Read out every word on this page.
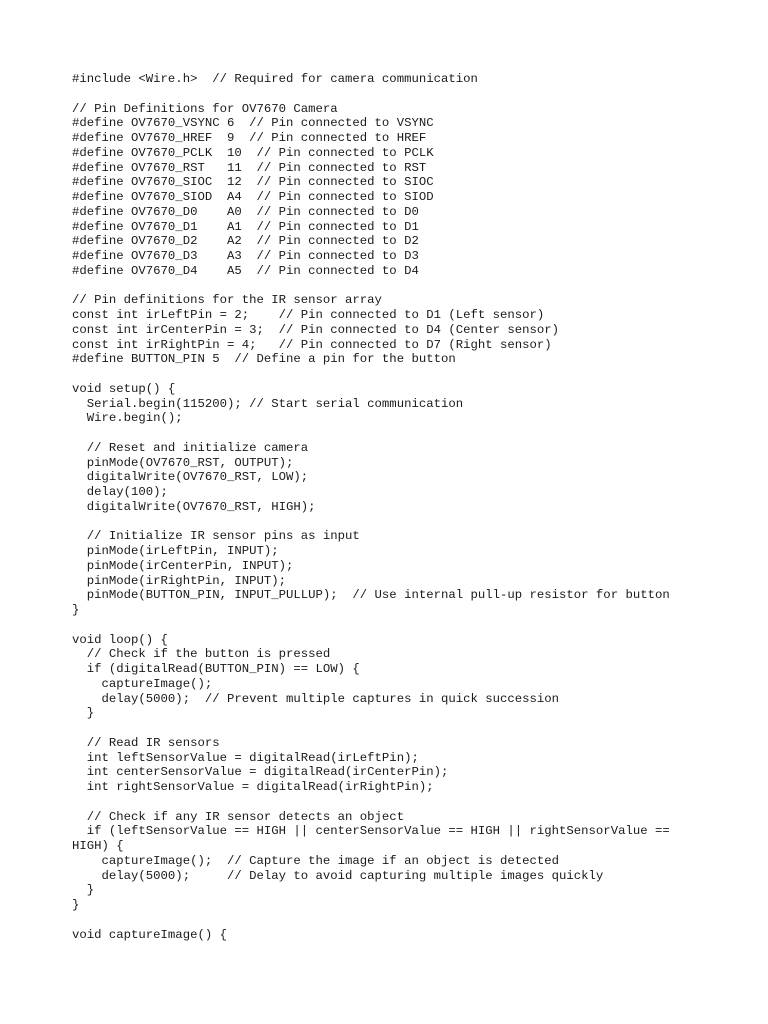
#include <Wire.h>  // Required for camera communication
// Pin Definitions for OV7670 Camera
#define OV7670_VSYNC 6  // Pin connected to VSYNC
#define OV7670_HREF  9  // Pin connected to HREF
#define OV7670_PCLK  10  // Pin connected to PCLK
#define OV7670_RST   11  // Pin connected to RST
#define OV7670_SIOC  12  // Pin connected to SIOC
#define OV7670_SIOD  A4  // Pin connected to SIOD
#define OV7670_D0    A0  // Pin connected to D0
#define OV7670_D1    A1  // Pin connected to D1
#define OV7670_D2    A2  // Pin connected to D2
#define OV7670_D3    A3  // Pin connected to D3
#define OV7670_D4    A5  // Pin connected to D4
// Pin definitions for the IR sensor array
const int irLeftPin = 2;    // Pin connected to D1 (Left sensor)
const int irCenterPin = 3;  // Pin connected to D4 (Center sensor)
const int irRightPin = 4;   // Pin connected to D7 (Right sensor)
#define BUTTON_PIN 5  // Define a pin for the button
void setup() {
Serial.begin(115200); // Start serial communication
Wire.begin();
// Reset and initialize camera
pinMode(OV7670_RST, OUTPUT);
digitalWrite(OV7670_RST, LOW);
delay(100);
digitalWrite(OV7670_RST, HIGH);
// Initialize IR sensor pins as input
pinMode(irLeftPin, INPUT);
pinMode(irCenterPin, INPUT);
pinMode(irRightPin, INPUT);
pinMode(BUTTON_PIN, INPUT_PULLUP);  // Use internal pull-up resistor for button
}
void loop() {
// Check if the button is pressed
if (digitalRead(BUTTON_PIN) == LOW) {
captureImage();
delay(5000);  // Prevent multiple captures in quick succession
}
// Read IR sensors
int leftSensorValue = digitalRead(irLeftPin);
int centerSensorValue = digitalRead(irCenterPin);
int rightSensorValue = digitalRead(irRightPin);
// Check if any IR sensor detects an object
if (leftSensorValue == HIGH || centerSensorValue == HIGH || rightSensorValue ==
HIGH) {
captureImage();  // Capture the image if an object is detected
delay(5000);     // Delay to avoid capturing multiple images quickly
}
}
void captureImage() {
